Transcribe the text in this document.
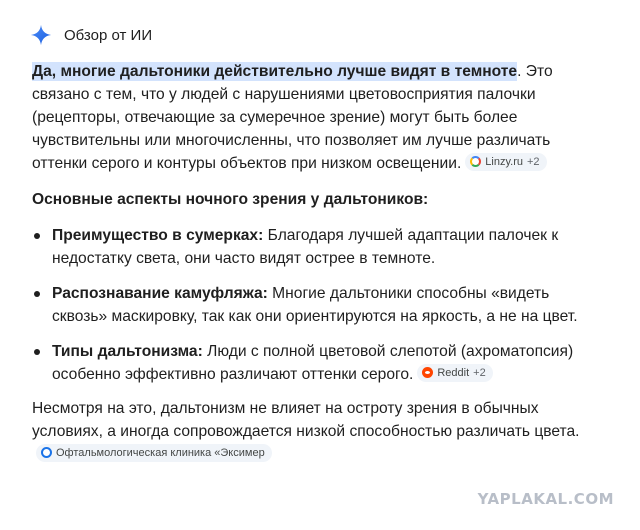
Обзор от ИИ

Да, многие дальтоники действительно лучше видят в темноте. Это связано с тем, что у людей с нарушениями цветовосприятия палочки (рецепторы, отвечающие за сумеречное зрение) могут быть более чувствительны или многочисленны, что позволяет им лучше различать оттенки серого и контуры объектов при низком освещении. Linzy.ru +2

Основные аспекты ночного зрения у дальтоников:

Преимущество в сумерках: Благодаря лучшей адаптации палочек к недостатку света, они часто видят острее в темноте.
Распознавание камуфляжа: Многие дальтоники способны «видеть сквозь» маскировку, так как они ориентируются на яркость, а не на цвет.
Типы дальтонизма: Люди с полной цветовой слепотой (ахроматопсия) особенно эффективно различают оттенки серого. Reddit +2

Несмотря на это, дальтонизм не влияет на остроту зрения в обычных условиях, а иногда сопровождается низкой способностью различать цвета.
Офтальмологическая клиника «Эксимер

YAPLAKAL.COM
